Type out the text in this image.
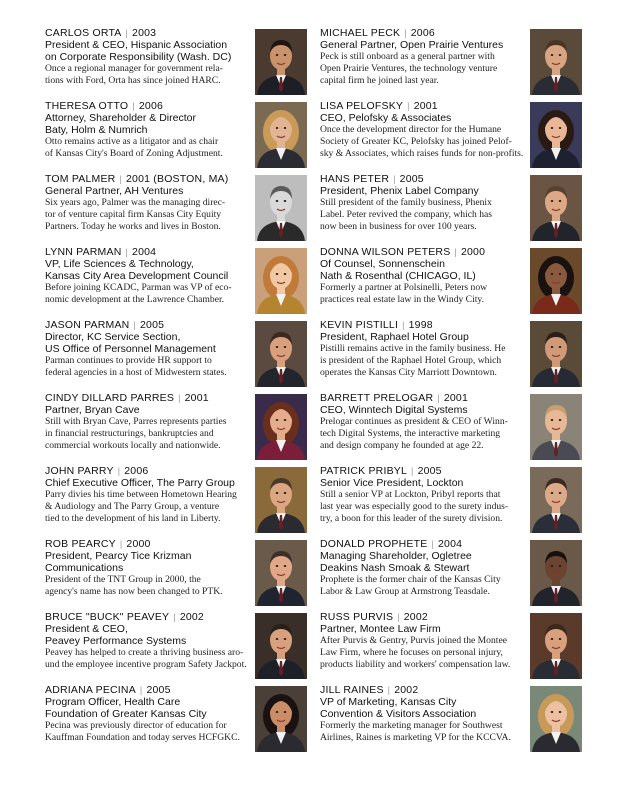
CARLOS ORTA | 2003
President & CEO, Hispanic Association
on Corporate Responsibility (Wash. DC)
Once a regional manager for government rela-
tions with Ford, Orta has since joined HARC.
THERESA OTTO | 2006
Attorney, Shareholder & Director
Baty, Holm & Numrich
Otto remains active as a litigator and as chair
of Kansas City's Board of Zoning Adjustment.
TOM PALMER | 2001 (BOSTON, MA)
General Partner, AH Ventures
Six years ago, Palmer was the managing direc-
tor of venture capital firm Kansas City Equity
Partners. Today he works and lives in Boston.
LYNN PARMAN | 2004
VP, Life Sciences & Technology,
Kansas City Area Development Council
Before joining KCADC, Parman was VP of eco-
nomic development at the Lawrence Chamber.
JASON PARMAN | 2005
Director, KC Service Section,
US Office of Personnel Management
Parman continues to provide HR support to
federal agencies in a host of Midwestern states.
CINDY DILLARD PARRES | 2001
Partner, Bryan Cave
Still with Bryan Cave, Parres represents parties
in financial restructurings, bankruptcies and
commercial workouts locally and nationwide.
JOHN PARRY | 2006
Chief Executive Officer, The Parry Group
Parry divies his time between Hometown Hearing
& Audiology and The Parry Group, a venture
tied to the development of his land in Liberty.
ROB PEARCY | 2000
President, Pearcy Tice Krizman
Communications
President of the TNT Group in 2000, the
agency's name has now been changed to PTK.
BRUCE "BUCK" PEAVEY | 2002
President & CEO,
Peavey Performance Systems
Peavey has helped to create a thriving business aro-
und the employee incentive program Safety Jackpot.
ADRIANA PECINA | 2005
Program Officer, Health Care
Foundation of Greater Kansas City
Pecina was previously director of education for
Kauffman Foundation and today serves HCFGKC.
MICHAEL PECK | 2006
General Partner, Open Prairie Ventures
Peck is still onboard as a general partner with
Open Prairie Ventures, the technology venture
capital firm he joined last year.
LISA PELOFSKY | 2001
CEO, Pelofsky & Associates
Once the development director for the Humane
Society of Greater KC, Pelofsky has joined Pelof-
sky & Associates, which raises funds for non-profits.
HANS PETER | 2005
President, Phenix Label Company
Still president of the family business, Phenix
Label. Peter revived the company, which has
now been in business for over 100 years.
DONNA WILSON PETERS | 2000
Of Counsel, Sonnenschein
Nath & Rosenthal (CHICAGO, IL)
Formerly a partner at Polsinelli, Peters now
practices real estate law in the Windy City.
KEVIN PISTILLI | 1998
President, Raphael Hotel Group
Pistilli remains active in the family business. He
is president of the Raphael Hotel Group, which
operates the Kansas City Marriott Downtown.
BARRETT PRELOGAR | 2001
CEO, Winntech Digital Systems
Prelogar continues as president & CEO of Winn-
tech Digital Systems, the interactive marketing
and design company he founded at age 22.
PATRICK PRIBYL | 2005
Senior Vice President, Lockton
Still a senior VP at Lockton, Pribyl reports that
last year was especially good to the surety indus-
try, a boon for this leader of the surety division.
DONALD PROPHETE | 2004
Managing Shareholder, Ogletree
Deakins Nash Smoak & Stewart
Prophete is the former chair of the Kansas City
Labor & Law Group at Armstrong Teasdale.
RUSS PURVIS | 2002
Partner, Montee Law Firm
After Purvis & Gentry, Purvis joined the Montee
Law Firm, where he focuses on personal injury,
products liability and workers' compensation law.
JILL RAINES | 2002
VP of Marketing, Kansas City
Convention & Visitors Association
Formerly the marketing manager for Southwest
Airlines, Raines is marketing VP for the KCCVA.
